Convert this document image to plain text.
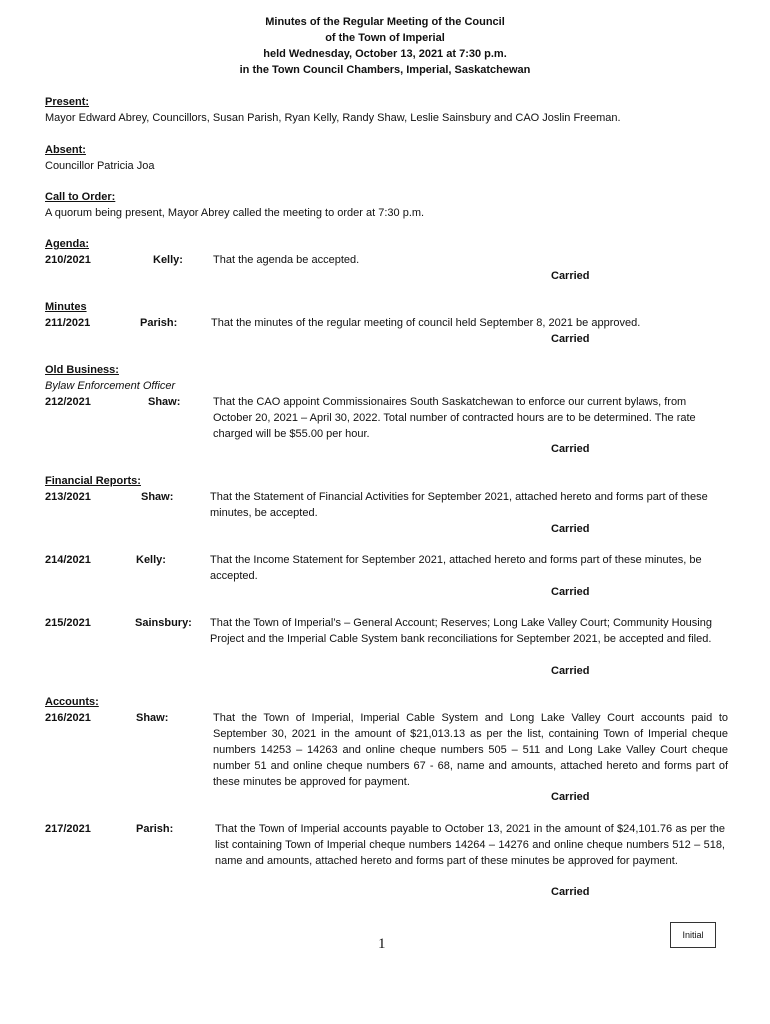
Minutes of the Regular Meeting of the Council
of the Town of Imperial
held Wednesday, October 13, 2021 at 7:30 p.m.
in the Town Council Chambers, Imperial, Saskatchewan
Present:
Mayor Edward Abrey, Councillors, Susan Parish, Ryan Kelly, Randy Shaw, Leslie Sainsbury and CAO Joslin Freeman.
Absent:
Councillor Patricia Joa
Call to Order:
A quorum being present, Mayor Abrey called the meeting to order at 7:30 p.m.
Agenda:
210/2021	Kelly:	That the agenda be accepted.
Carried
Minutes
211/2021	Parish:	That the minutes of the regular meeting of council held September 8, 2021 be approved.
Carried
Old Business:
Bylaw Enforcement Officer
212/2021	Shaw:	That the CAO appoint Commissionaires South Saskatchewan to enforce our current bylaws, from October 20, 2021 – April 30, 2022. Total number of contracted hours are to be determined. The rate charged will be $55.00 per hour.
Carried
Financial Reports:
213/2021	Shaw:	That the Statement of Financial Activities for September 2021, attached hereto and forms part of these minutes, be accepted.
Carried
214/2021	Kelly:	That the Income Statement for September 2021, attached hereto and forms part of these minutes, be accepted.
Carried
215/2021	Sainsbury: That the Town of Imperial’s – General Account; Reserves; Long Lake Valley Court; Community Housing Project and the Imperial Cable System bank reconciliations for September 2021, be accepted and filed.
Carried
Accounts:
216/2021	Shaw:	That the Town of Imperial, Imperial Cable System and Long Lake Valley Court accounts paid to September 30, 2021 in the amount of $21,013.13 as per the list, containing Town of Imperial cheque numbers 14253 – 14263 and online cheque numbers 505 – 511 and Long Lake Valley Court cheque number 51 and online cheque numbers 67 - 68, name and amounts, attached hereto and forms part of these minutes be approved for payment.
Carried
217/2021	Parish:	That the Town of Imperial accounts payable to October 13, 2021 in the amount of $24,101.76 as per the list containing Town of Imperial cheque numbers 14264 – 14276 and online cheque numbers 512 – 518, name and amounts, attached hereto and forms part of these minutes be approved for payment.
Carried
Initial
1
